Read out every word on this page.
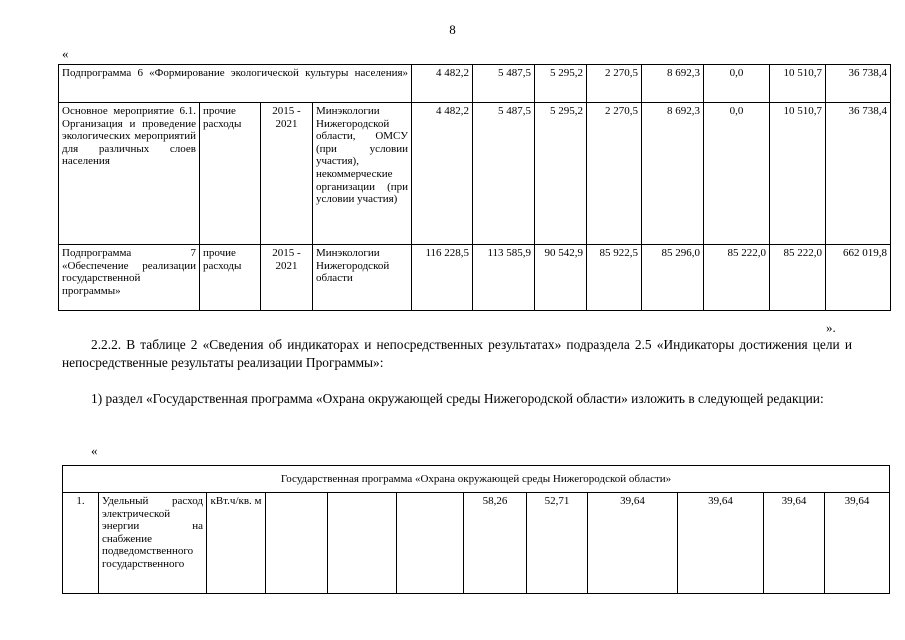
8
«
Подпрограмма 6 «Формирование экологической культуры населения»				4 482,2	5 487,5	5 295,2	2 270,5	8 692,3	0,0	10 510,7	36 738,4
Основное мероприятие 6.1. Организация и проведение экологических мероприятий для различных слоев населения	прочие расходы	2015 - 2021	Минэкологии Нижегородской области, ОМСУ (при условии участия), некоммерческие организации (при условии участия)	4 482,2	5 487,5	5 295,2	2 270,5	8 692,3	0,0	10 510,7	36 738,4
Подпрограмма 7 «Обеспечение реализации государственной программы»	прочие расходы	2015 - 2021	Минэкологии Нижегородской области	116 228,5	113 585,9	90 542,9	85 922,5	85 296,0	85 222,0	85 222,0	662 019,8
».
2.2.2. В таблице 2 «Сведения об индикаторах и непосредственных результатах» подраздела 2.5 «Индикаторы достижения цели и непосредственные результаты реализации Программы»:
1) раздел «Государственная программа «Охрана окружающей среды Нижегородской области» изложить в следующей редакции:
«
Государственная программа «Охрана окружающей среды Нижегородской области»
1.	Удельный расход электрической энергии на снабжение подведомственного государственного	кВт.ч/кв. м				58,26	52,71	39,64	39,64	39,64	39,64
